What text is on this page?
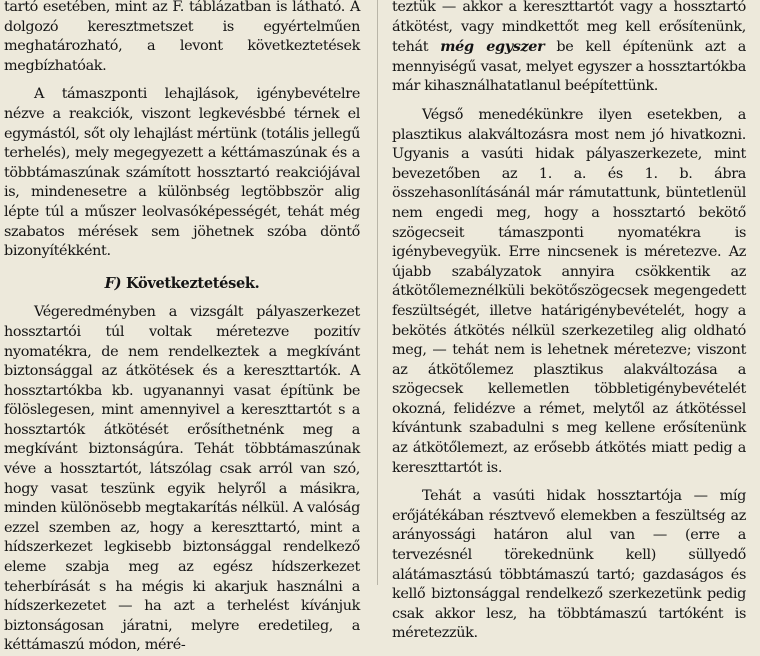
tartó esetében, mint az F. táblázatban is látható. A dolgozó keresztmetszet is egyértelműen meghatározható, a levont következtetések megbízhatóak.

A támaszponti lehajlások, igénybevételre nézve a reakciók, viszont legkevésbbé térnek el egymástól, sőt oly lehajlást mértünk (totális jellegű terhelés), mely megegyezett a kéttámaszúnak és a többtámaszúnak számított hossztartó reakciójával is, mindenesetre a különbség legtöbbször alig lépte túl a műszer leolvasóképességét, tehát még szabatos mérések sem jöhetnek szóba döntő bizonyítékként.

F) Következtetések.

Végeredményben a vizsgált pályaszerkezet hossztartói túl voltak méretezve pozitív nyomatékra, de nem rendelkeztek a megkívánt biztonsággal az átkötések és a kereszttartók. A hossztartókba kb. ugyanannyi vasat építünk be fölöslegesen, mint amennyivel a kereszttartót s a hossztartók átkötését erősíthetnénk meg a megkívánt biztonságúra. Tehát többtámaszúnak véve a hossztartót, látszólag csak arról van szó, hogy vasat teszünk egyik helyről a másikra, minden különösebb megtakarítás nélkül. A valóság ezzel szemben az, hogy a kereszttartó, mint a hídszerkezet legkisebb biztonsággal rendelkező eleme szabja meg az egész hídszerkezet teherbírását s ha mégis ki akarjuk használni a hídszerkezetet — ha azt a terhelést kívánjuk biztonságosan járatni, melyre eredetileg, a kéttámaszú módon, méré-

teztük — akkor a kereszttartót vagy a hossztartó átkötést, vagy mindkettőt meg kell erősítenünk, tehát még egyszer be kell építenünk azt a mennyiségű vasat, melyet egyszer a hossztartókba már kihasználhatatlanul beépítettünk.

Végső menedékünkre ilyen esetekben, a plasztikus alakváltozásra most nem jó hivatkozni. Ugyanis a vasúti hidak pályaszerkezete, mint bevezetőben az 1. a. és 1. b. ábra összehasonlításánál már rámutattunk, büntetlenül nem engedi meg, hogy a hossztartó bekötő szögecseit támaszponti nyomatékra is igénybevegyük. Erre nincsenek is méretezve. Az újabb szabályzatok annyira csökkentik az átkötőlemeznélküli bekötőszögecsek megengedett feszültségét, illetve határigénybevételét, hogy a bekötés átkötés nélkül szerkezetileg alig oldható meg, — tehát nem is lehetnek méretezve; viszont az átkötőlemez plasztikus alakváltozása a szögecsek kellemetlen többletigénybevételét okozná, felidézve a rémet, melytől az átkötéssel kívántunk szabadulni s meg kellene erősítenünk az átkötőlemezt, az erősebb átkötés miatt pedig a kereszttartót is.

Tehát a vasúti hidak hossztartója — míg erőjátékában résztvevő elemekben a feszültség az arányossági határon alul van — (erre a tervezésnél törekednünk kell) süllyedő alátámasztású többtámaszú tartó; gazdaságos és kellő biztonsággal rendelkező szerkezetünk pedig csak akkor lesz, ha többtámaszú tartóként is méretezzük.
